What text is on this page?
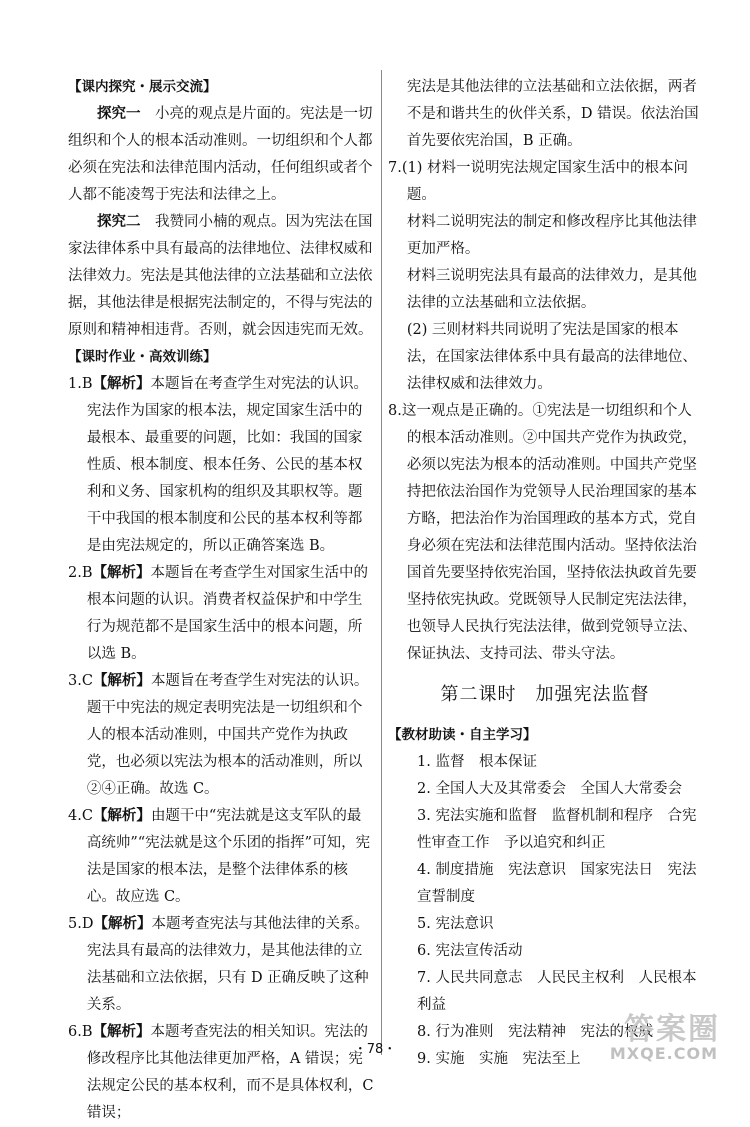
【课内探究・展示交流】

探究一　 小亮的观点是片面的。宪法是一切组织和个人的根本活动准则。一切组织和个人都必须在宪法和法律范围内活动，任何组织或者个人都不能凌驾于宪法和法律之上。

探究二　 我赞同小楠的观点。因为宪法在国家法律体系中具有最高的法律地位、法律权威和法律效力。宪法是其他法律的立法基础和立法依据，其他法律是根据宪法制定的，不得与宪法的原则和精神相违背。否则，就会因违宪而无效。

【课时作业・高效训练】

1.B【解析】本题旨在考查学生对宪法的认识。宪法作为国家的根本法，规定国家生活中的最根本、最重要的问题，比如：我国的国家性质、根本制度、根本任务、公民的基本权利和义务、国家机构的组织及其职权等。题干中我国的根本制度和公民的基本权利等都是由宪法规定的，所以正确答案选 B。

2.B【解析】本题旨在考查学生对国家生活中的根本问题的认识。消费者权益保护和中学生行为规范都不是国家生活中的根本问题，所以选 B。

3.C【解析】本题旨在考查学生对宪法的认识。题干中宪法的规定表明宪法是一切组织和个人的根本活动准则，中国共产党作为执政党，也必须以宪法为根本的活动准则，所以②④正确。故选 C。

4.C【解析】由题干中“宪法就是这支军队的最高统帅”“宪法就是这个乐团的指挥”可知，宪法是国家的根本法，是整个法律体系的核心。故应选 C。

5.D【解析】本题考查宪法与其他法律的关系。宪法具有最高的法律效力，是其他法律的立法基础和立法依据，只有 D 正确反映了这种关系。

6.B【解析】本题考查宪法的相关知识。宪法的修改程序比其他法律更加严格，A 错误；宪法规定公民的基本权利，而不是具体权利，C 错误；

宪法是其他法律的立法基础和立法依据，两者不是和谐共生的伙伴关系，D 错误。依法治国首先要依宪治国，B 正确。

7.(1) 材料一说明宪法规定国家生活中的根本问题。
材料二说明宪法的制定和修改程序比其他法律更加严格。
材料三说明宪法具有最高的法律效力，是其他法律的立法基础和立法依据。
(2) 三则材料共同说明了宪法是国家的根本法，在国家法律体系中具有最高的法律地位、法律权威和法律效力。

8.这一观点是正确的。①宪法是一切组织和个人的根本活动准则。②中国共产党作为执政党，必须以宪法为根本的活动准则。中国共产党坚持把依法治国作为党领导人民治理国家的基本方略，把法治作为治国理政的基本方式，党自身必须在宪法和法律范围内活动。坚持依法治国首先要坚持依宪治国，坚持依法执政首先要坚持依宪执政。党既领导人民制定宪法法律，也领导人民执行宪法法律，做到党领导立法、保证执法、支持司法、带头守法。

第二课时　加强宪法监督
【教材助读・自主学习】
1. 监督　根本保证
2. 全国人大及其常委会　全国人大常委会
3. 宪法实施和监督　监督机制和程序　合宪性审查工作　予以追究和纠正
4. 制度措施　宪法意识　国家宪法日　宪法宣誓制度
5. 宪法意识
6. 宪法宣传活动
7. 人民共同意志　人民民主权利　人民根本利益
8. 行为准则　宪法精神　宪法的权威
9. 实施　实施　宪法至上
・78・
答案圈
MXQE.COM
